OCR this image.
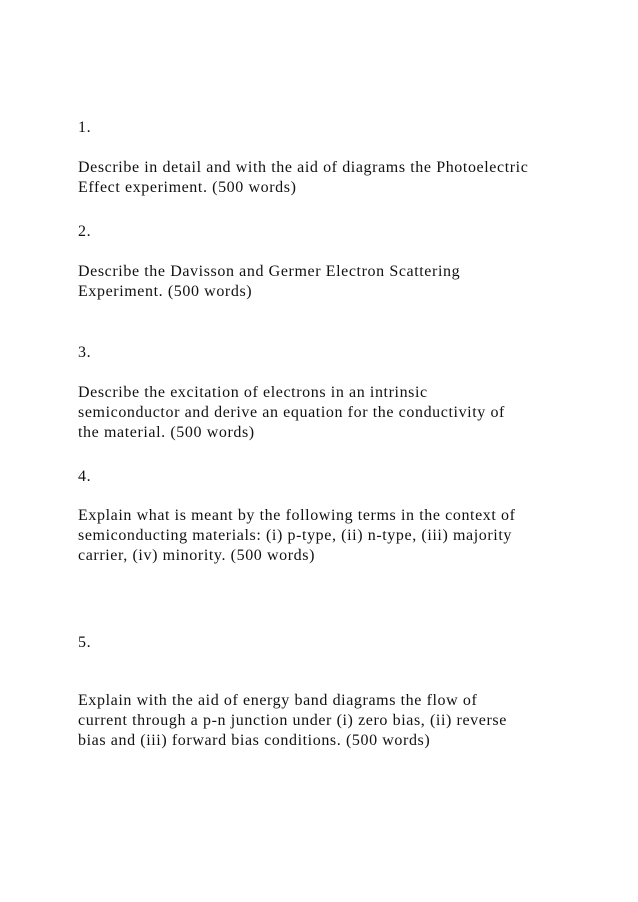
1.
Describe in detail and with the aid of diagrams the Photoelectric
Effect experiment. (500 words)
2.
Describe the Davisson and Germer Electron Scattering
Experiment. (500 words)
3.
Describe the excitation of electrons in an intrinsic
semiconductor and derive an equation for the conductivity of
the material. (500 words)
4.
Explain what is meant by the following terms in the context of
semiconducting materials: (i) p-type, (ii) n-type, (iii) majority
carrier, (iv) minority. (500 words)
5.
Explain with the aid of energy band diagrams the flow of
current through a p-n junction under (i) zero bias, (ii) reverse
bias and (iii) forward bias conditions. (500 words)
